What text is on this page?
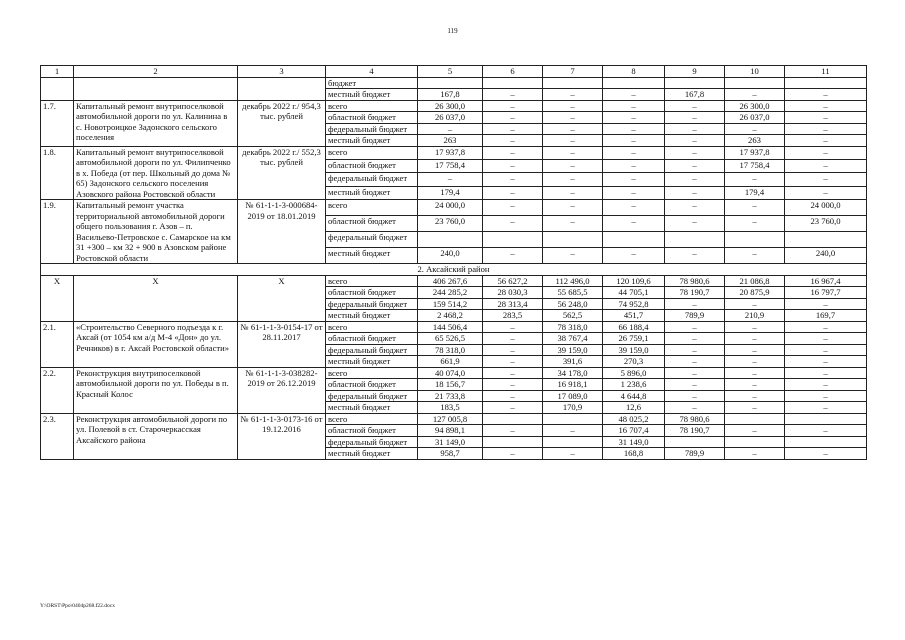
119
1	2	3	4	5	6	7	8	9	10	11
			бюджет							
			местный бюджет	167,8	–	–	–	167,8	–	–
1.7.	Капитальный ремонт внутрипоселковой автомобильной дороги по ул. Калинина в с. Новотроицкое Задонского сельского поселения	декабрь 2022 г./ 954,3 тыс. рублей	всего	26 300,0	–	–	–	–	26 300,0	–
			областной бюджет	26 037,0	–	–	–	–	26 037,0	–
			федеральный бюджет	–	–	–	–	–	–	–
			местный бюджет	263	–	–	–	–	263	–
1.8.	Капитальный ремонт внутрипоселковой автомобильной дороги по ул. Филипченко в х. Победа (от пер. Школьный до дома № 65) Задонского сельского поселения Азовского района Ростовской области	декабрь 2022 г./ 552,3 тыс. рублей	всего	17 937,8	–	–	–	–	17 937,8	–
			областной бюджет	17 758,4	–	–	–	–	17 758,4	–
			федеральный бюджет	–	–	–	–	–	–	–
			местный бюджет	179,4	–	–	–	–	179,4	–
1.9.	Капитальный ремонт участка территориальной автомобильной дороги общего пользования г. Азов – п. Васильево-Петровское с. Самарское на км 31 +300 – км 32 + 900 в Азовском районе Ростовской области	№ 61-1-1-3-000684-2019 от 18.01.2019	всего	24 000,0	–	–	–	–	–	24 000,0
			областной бюджет	23 760,0	–	–	–	–	–	23 760,0
			федеральный бюджет							
			местный бюджет	240,0	–	–	–	–	–	240,0
2. Аксайский район										
Х	Х	Х	всего	406 267,6	56 627,2	112 496,0	120 109,6	78 980,6	21 086,8	16 967,4
			областной бюджет	244 285,2	28 030,3	55 685,5	44 705,1	78 190,7	20 875,9	16 797,7
			федеральный бюджет	159 514,2	28 313,4	56 248,0	74 952,8	–	–	–
			местный бюджет	2 468,2	283,5	562,5	451,7	789,9	210,9	169,7
2.1.	«Строительство Северного подъезда к г. Аксай (от 1054 км а/д М-4 «Дон» до ул. Речников) в г. Аксай Ростовской области»	№ 61-1-1-3-0154-17 от 28.11.2017	всего	144 506,4	–	78 318,0	66 188,4	–	–	–
			областной бюджет	65 526,5	–	38 767,4	26 759,1	–	–	–
			федеральный бюджет	78 318,0	–	39 159,0	39 159,0	–	–	–
			местный бюджет	661,9	–	391,6	270,3	–	–	–
2.2.	Реконструкция внутрипоселковой автомобильной дороги по ул. Победы в п. Красный Колос	№ 61-1-1-3-038282-2019 от 26.12.2019	всего	40 074,0	–	34 178,0	5 896,0	–	–	–
			областной бюджет	18 156,7	–	16 918,1	1 238,6	–	–	–
			федеральный бюджет	21 733,8	–	17 089,0	4 644,8	–	–	–
			местный бюджет	183,5	–	170,9	12,6	–	–	–
2.3.	Реконструкция автомобильной дороги по ул. Полевой в ст. Старочеркасская Аксайского района	№ 61-1-1-3-0173-16 от 19.12.2016	всего	127 005,8			48 025,2	78 980,6		
			областной бюджет	94 898,1	–	–	16 707,4	78 190,7	–	–
			федеральный бюджет	31 149,0			31 149,0			
			местный бюджет	958,7	–	–	168,8	789,9	–	–
Y:\ORST\Ppo\0404p268.f22.docx
